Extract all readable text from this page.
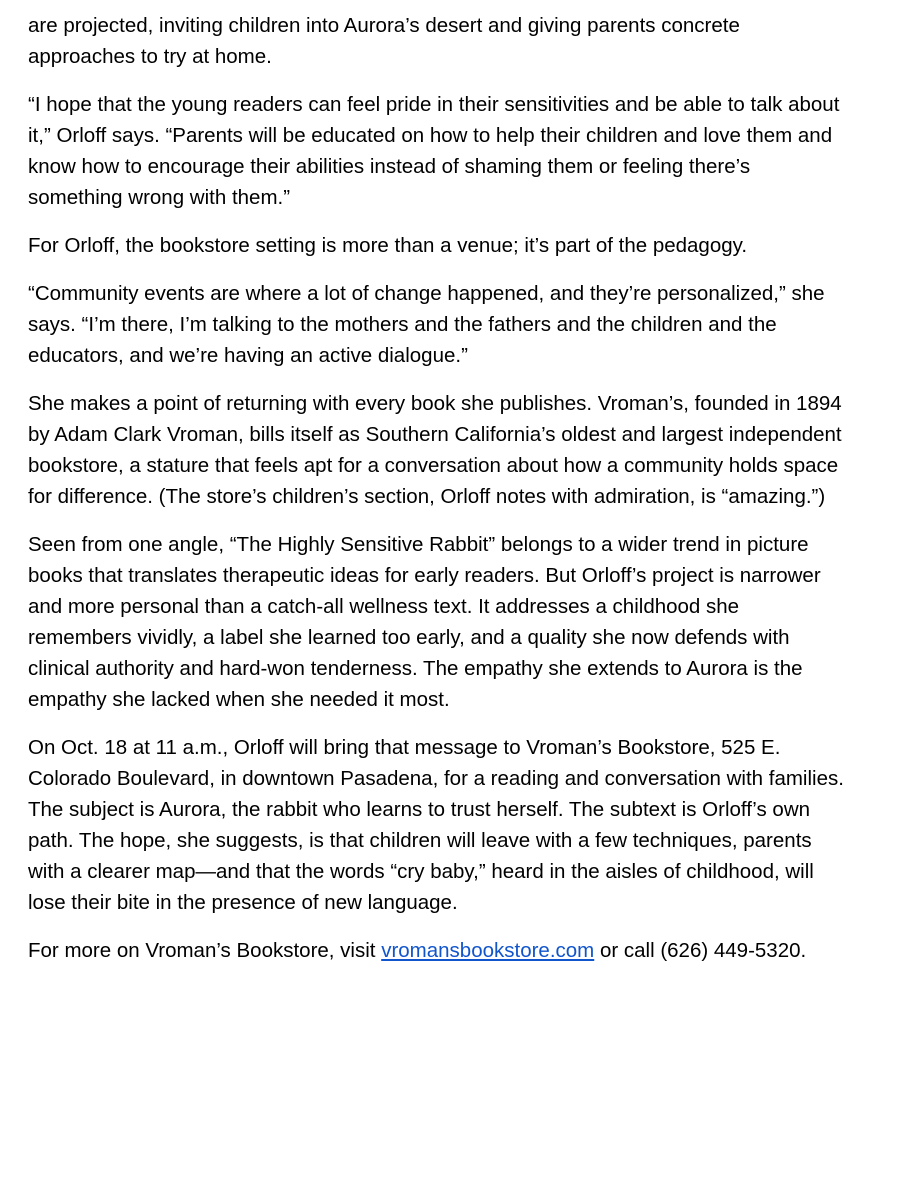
are projected, inviting children into Aurora’s desert and giving parents concrete approaches to try at home.

“I hope that the young readers can feel pride in their sensitivities and be able to talk about it,” Orloff says. “Parents will be educated on how to help their children and love them and know how to encourage their abilities instead of shaming them or feeling there’s something wrong with them.”

For Orloff, the bookstore setting is more than a venue; it’s part of the pedagogy.

“Community events are where a lot of change happened, and they’re personalized,” she says. “I’m there, I’m talking to the mothers and the fathers and the children and the educators, and we’re having an active dialogue.”

She makes a point of returning with every book she publishes. Vroman’s, founded in 1894 by Adam Clark Vroman, bills itself as Southern California’s oldest and largest independent bookstore, a stature that feels apt for a conversation about how a community holds space for difference. (The store’s children’s section, Orloff notes with admiration, is “amazing.”)

Seen from one angle, “The Highly Sensitive Rabbit” belongs to a wider trend in picture books that translates therapeutic ideas for early readers. But Orloff’s project is narrower and more personal than a catch-all wellness text. It addresses a childhood she remembers vividly, a label she learned too early, and a quality she now defends with clinical authority and hard-won tenderness. The empathy she extends to Aurora is the empathy she lacked when she needed it most.

On Oct. 18 at 11 a.m., Orloff will bring that message to Vroman’s Bookstore, 525 E. Colorado Boulevard, in downtown Pasadena, for a reading and conversation with families. The subject is Aurora, the rabbit who learns to trust herself. The subtext is Orloff’s own path. The hope, she suggests, is that children will leave with a few techniques, parents with a clearer map—and that the words “cry baby,” heard in the aisles of childhood, will lose their bite in the presence of new language.

For more on Vroman’s Bookstore, visit vromansbookstore.com or call (626) 449-5320.
